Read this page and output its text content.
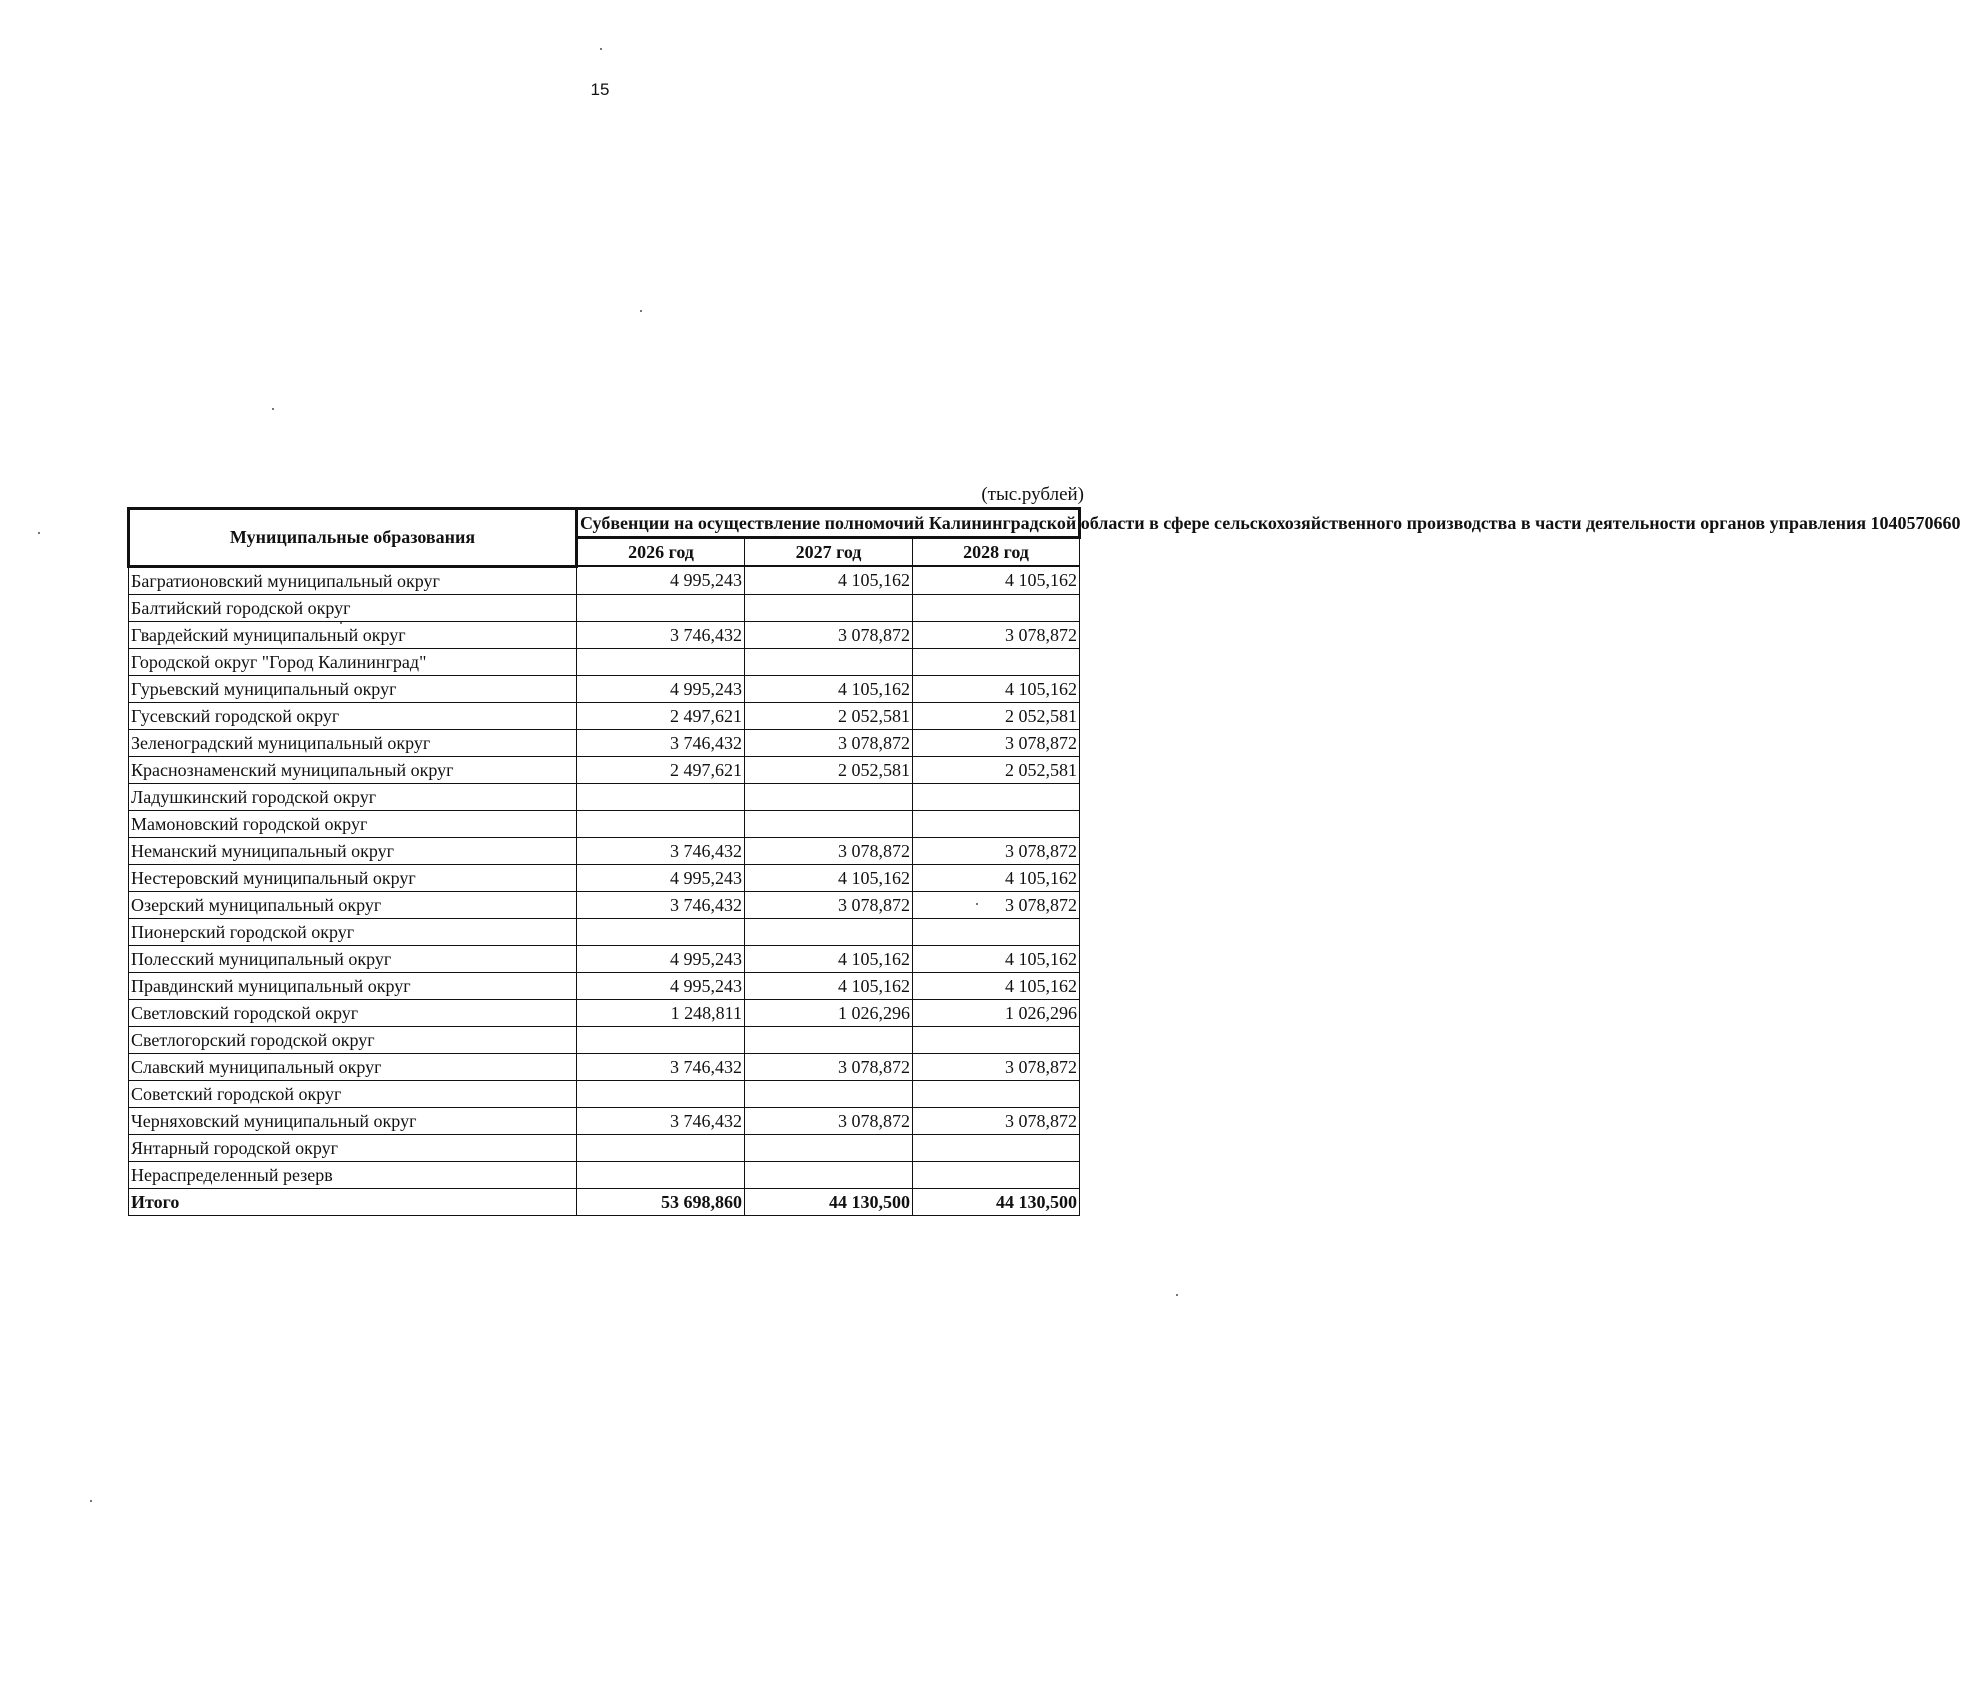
15
(тыс.рублей)
Муниципальные образования	Субвенции на осуществление полномочий Калининградской области в сфере сельскохозяйственного производства в части деятельности органов управления 1040570660		
	2026 год	2027 год	2028 год
Багратионовский муниципальный округ	4 995,243	4 105,162	4 105,162
Балтийский городской округ			
Гвардейский муниципальный округ	3 746,432	3 078,872	3 078,872
Городской округ "Город Калининград"			
Гурьевский муниципальный округ	4 995,243	4 105,162	4 105,162
Гусевский городской округ	2 497,621	2 052,581	2 052,581
Зеленоградский муниципальный округ	3 746,432	3 078,872	3 078,872
Краснознаменский муниципальный округ	2 497,621	2 052,581	2 052,581
Ладушкинский городской округ			
Мамоновский городской округ			
Неманский муниципальный округ	3 746,432	3 078,872	3 078,872
Нестеровский муниципальный округ	4 995,243	4 105,162	4 105,162
Озерский муниципальный округ	3 746,432	3 078,872	3 078,872
Пионерский городской округ			
Полесский муниципальный округ	4 995,243	4 105,162	4 105,162
Правдинский муниципальный округ	4 995,243	4 105,162	4 105,162
Светловский городской округ	1 248,811	1 026,296	1 026,296
Светлогорский городской округ			
Славский муниципальный округ	3 746,432	3 078,872	3 078,872
Советский городской округ			
Черняховский муниципальный округ	3 746,432	3 078,872	3 078,872
Янтарный городской округ			
Нераспределенный резерв			
Итого	53 698,860	44 130,500	44 130,500
